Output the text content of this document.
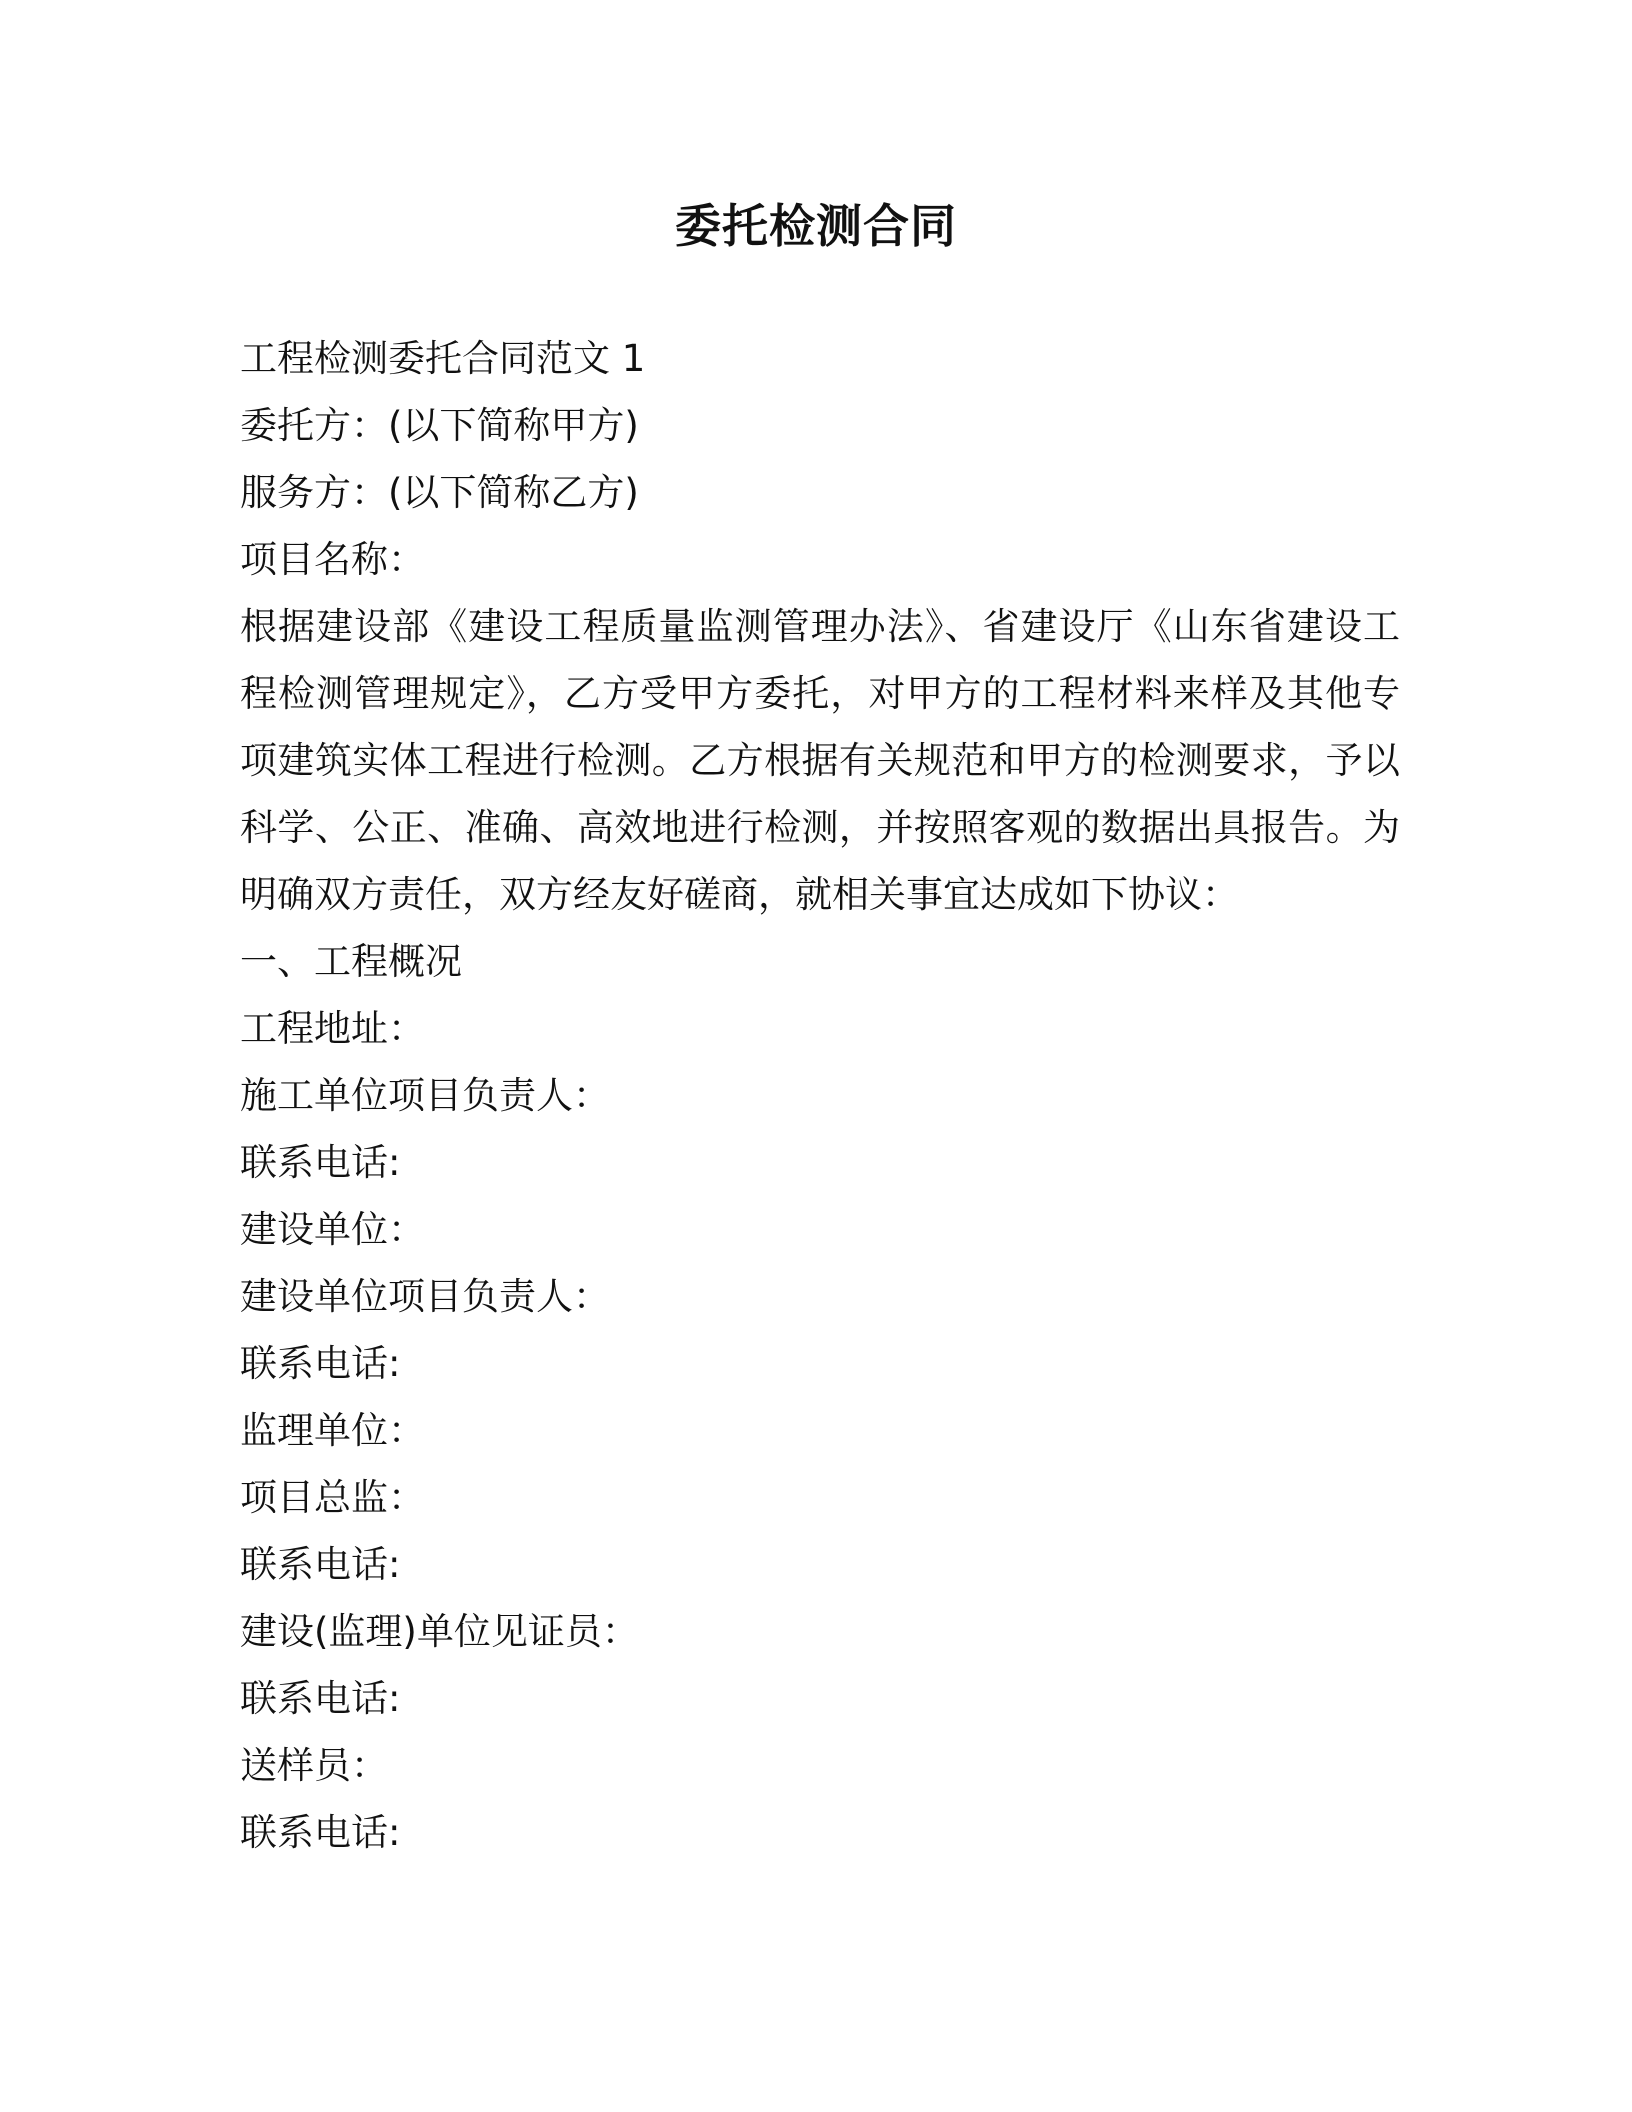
委托检测合同
工程检测委托合同范文 1
委托方：(以下简称甲方)
服务方：(以下简称乙方)
项目名称：
根据建设部《建设工程质量监测管理办法》、省建设厅《山东省建设工程检测管理规定》，乙方受甲方委托，对甲方的工程材料来样及其他专项建筑实体工程进行检测。乙方根据有关规范和甲方的检测要求，予以科学、公正、准确、高效地进行检测，并按照客观的数据出具报告。为明确双方责任，双方经友好磋商，就相关事宜达成如下协议：
一、工程概况
工程地址：
施工单位项目负责人：
联系电话:
建设单位：
建设单位项目负责人：
联系电话:
监理单位：
项目总监：
联系电话:
建设(监理)单位见证员：
联系电话:
送样员：
联系电话:
